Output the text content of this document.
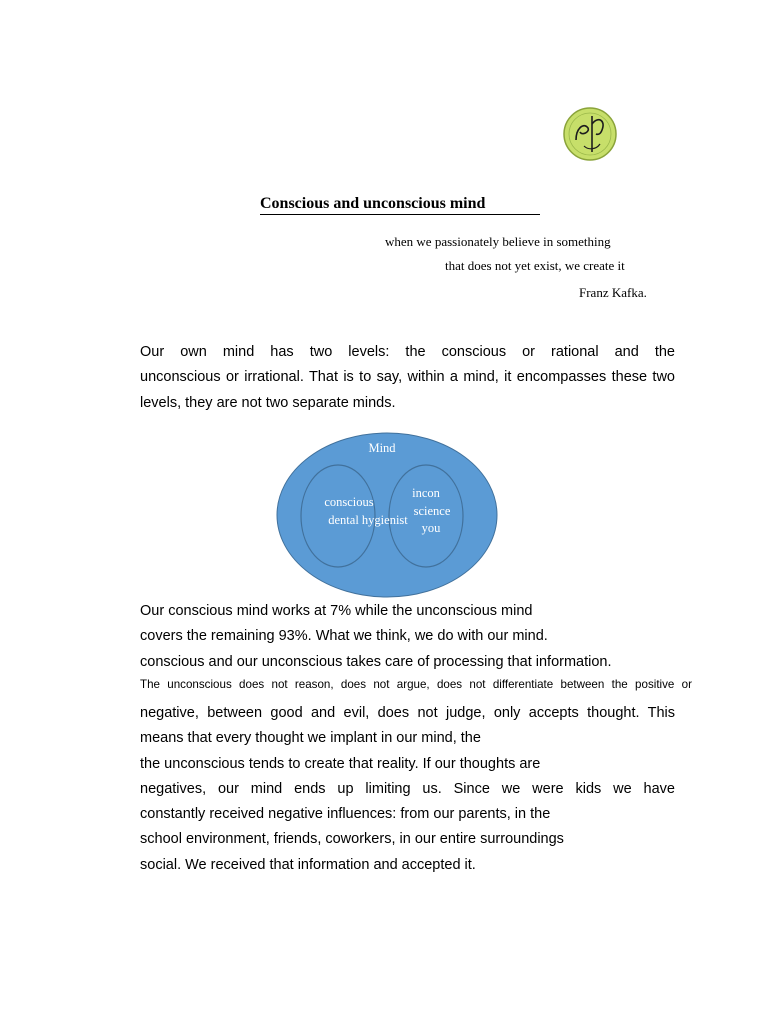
Conscious and unconscious mind
when we passionately believe in something
that does not yet exist, we create it
Franz Kafka.
Our own mind has two levels: the conscious or rational and the
unconscious or irrational. That is to say, within a mind, it encompasses these two
levels, they are not two separate minds.
Mind
conscious
dental hygienist
incon
science
you
Our conscious mind works at 7% while the unconscious mind
covers the remaining 93%. What we think, we do with our mind.
conscious and our unconscious takes care of processing that information.
The unconscious does not reason, does not argue, does not differentiate between the positive or
negative, between good and evil, does not judge, only accepts thought. This
means that every thought we implant in our mind, the
the unconscious tends to create that reality. If our thoughts are
negatives, our mind ends up limiting us. Since we were kids we have
constantly received negative influences: from our parents, in the
school environment, friends, coworkers, in our entire surroundings
social. We received that information and accepted it.
